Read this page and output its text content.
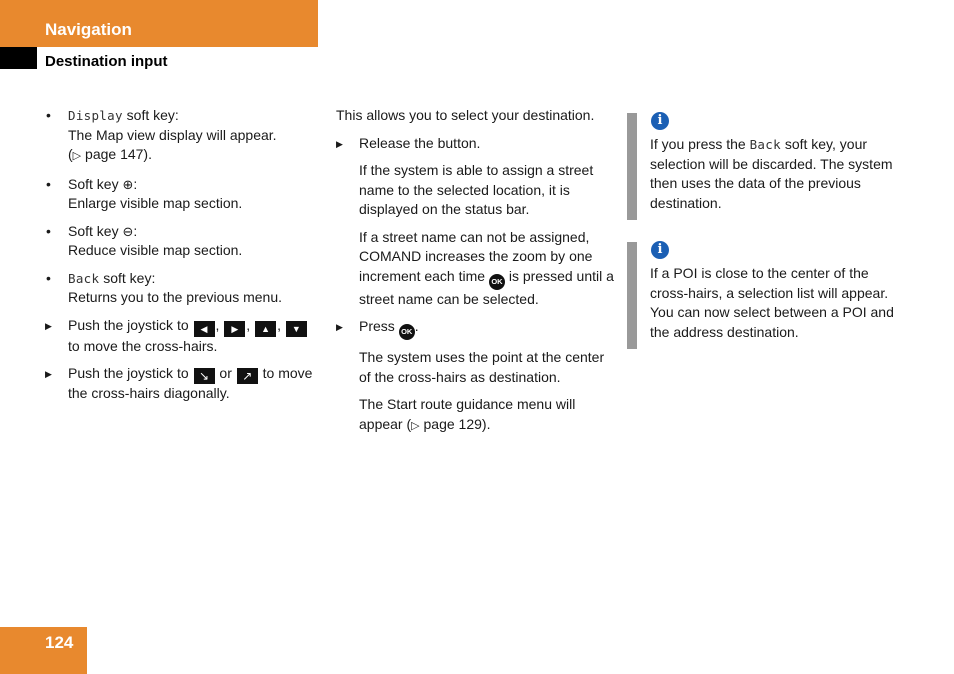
Navigation
Destination input
•	Display soft key:
The Map view display will appear.
(▷ page 147).
•	Soft key ⊕:
Enlarge visible map section.
•	Soft key ⊖:
Reduce visible map section.
•	Back soft key:
Returns you to the previous menu.
▶	Push the joystick to ◀ , ▶ , ▲ , ▼
to move the cross-hairs.
▶	Push the joystick to ↘ or ↗ to move
the cross-hairs diagonally.

This allows you to select your destination.

▶	Release the button.

If the system is able to assign a street name to the selected location, it is displayed on the status bar.

If a street name can not be assigned, COMAND increases the zoom by one increment each time OK is pressed until a street name can be selected.

▶	Press OK .

The system uses the point at the center of the cross-hairs as destination.

The Start route guidance menu will appear (▷ page 129).

i

If you press the Back soft key, your selection will be discarded. The system then uses the data of the previous destination.

i

If a POI is close to the center of the cross-hairs, a selection list will appear. You can now select between a POI and the address destination.

124
